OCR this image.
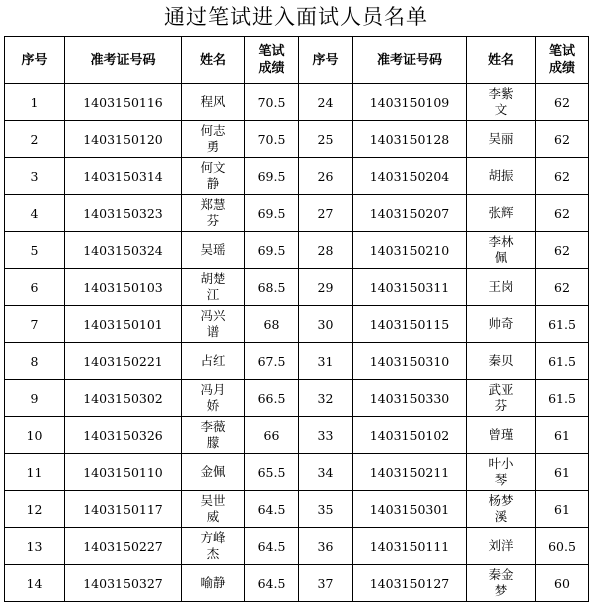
通过笔试进入面试人员名单
序号	准考证号码	姓名	笔试成绩	序号	准考证号码	姓名	笔试成绩

1	1403150116	程风	70.5	24	1403150109	李紫文	62
2	1403150120	何志勇	70.5	25	1403150128	吴丽	62
3	1403150314	何文静	69.5	26	1403150204	胡振	62
4	1403150323	郑慧芬	69.5	27	1403150207	张辉	62
5	1403150324	吴瑶	69.5	28	1403150210	李林佩	62
6	1403150103	胡楚江	68.5	29	1403150311	王岗	62
7	1403150101	冯兴谱	68	30	1403150115	帅奇	61.5
8	1403150221	占红	67.5	31	1403150310	秦贝	61.5
9	1403150302	冯月娇	66.5	32	1403150330	武亚芬	61.5
10	1403150326	李薇朦	66	33	1403150102	曾瑾	61
11	1403150110	金佩	65.5	34	1403150211	叶小琴	61
12	1403150117	吴世威	64.5	35	1403150301	杨梦溪	61
13	1403150227	方峰杰	64.5	36	1403150111	刘洋	60.5
14	1403150327	喻静	64.5	37	1403150127	秦金梦	60
